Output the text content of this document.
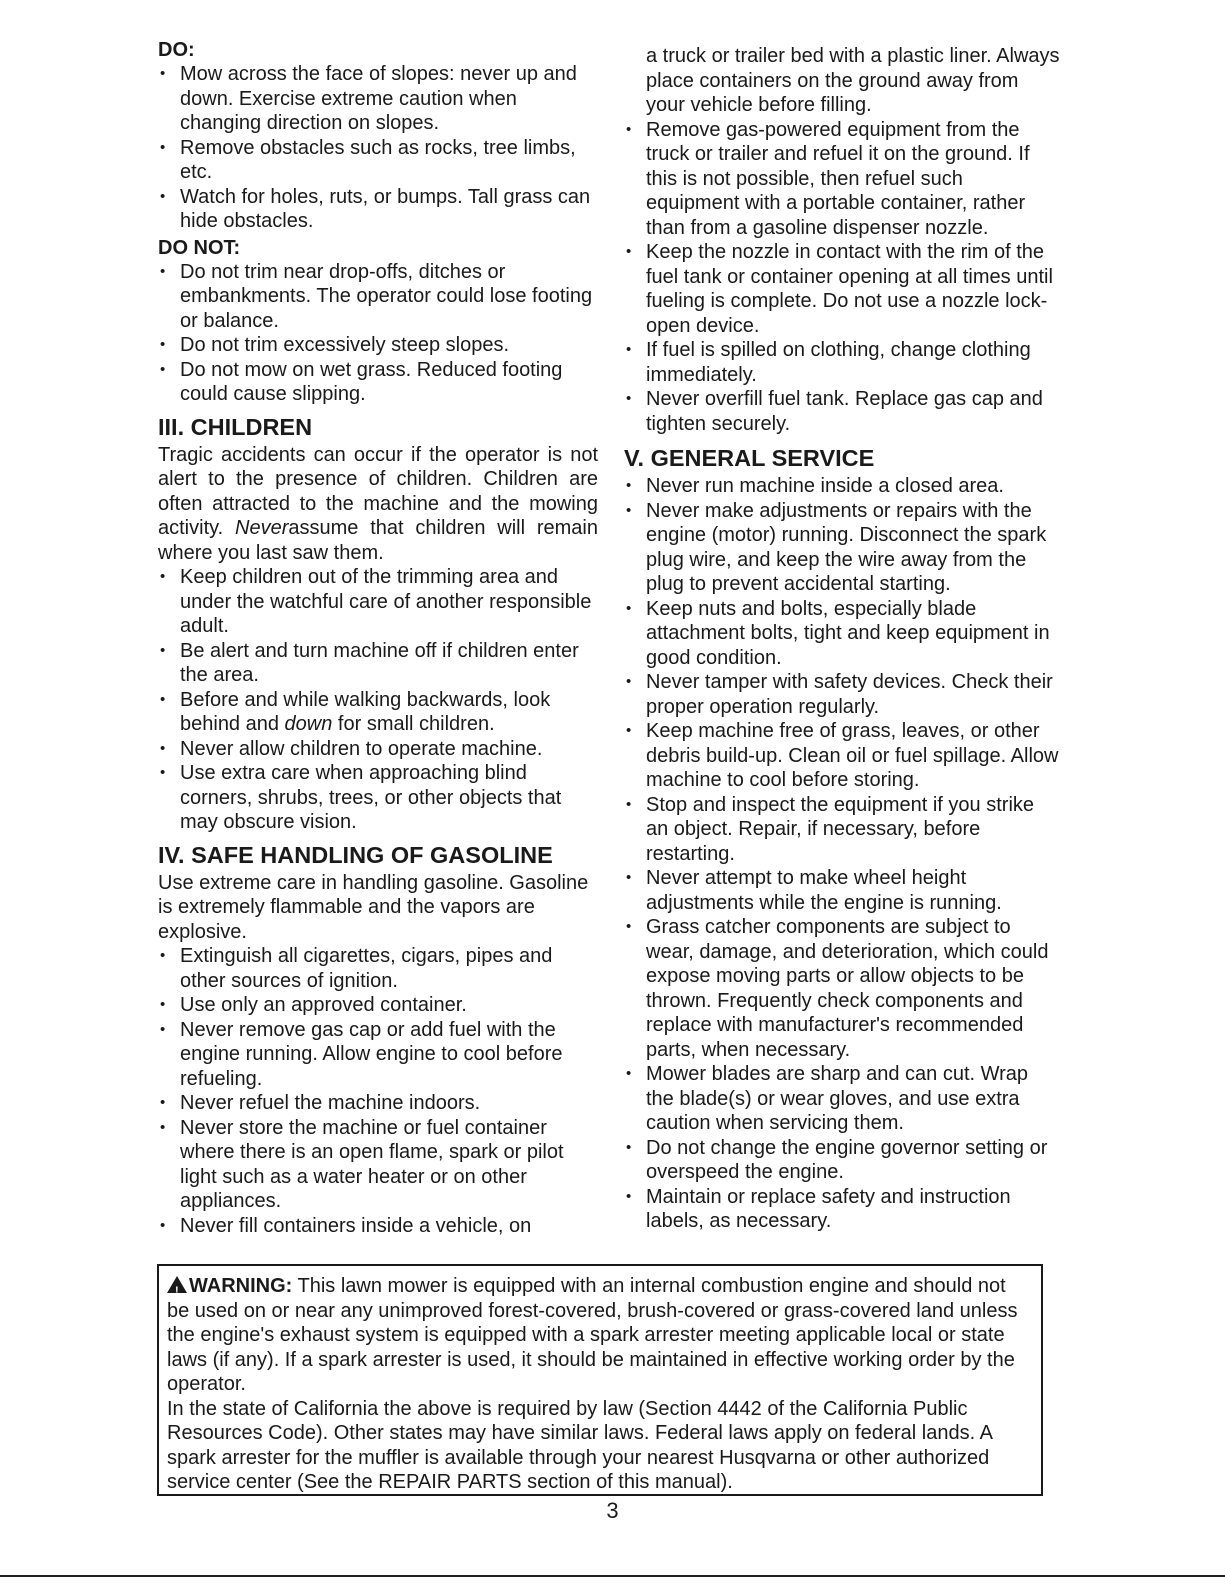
DO:

• Mow across the face of slopes: never up and down. Exercise extreme caution when changing direction on slopes.
• Remove obstacles such as rocks, tree limbs, etc.
• Watch for holes, ruts, or bumps. Tall grass can hide obstacles.

DO NOT:

• Do not trim near drop-offs, ditches or embankments. The operator could lose footing or balance.
• Do not trim excessively steep slopes.
• Do not mow on wet grass. Reduced footing could cause slipping.

III. CHILDREN

Tragic accidents can occur if the operator is not alert to the presence of children. Children are often attracted to the machine and the mowing activity. Neverassume that children will remain where you last saw them.

• Keep children out of the trimming area and under the watchful care of another responsible adult.
• Be alert and turn machine off if children enter the area.
• Before and while walking backwards, look behind and down for small children.
• Never allow children to operate machine.
• Use extra care when approaching blind corners, shrubs, trees, or other objects that may obscure vision.

IV. SAFE HANDLING OF GASOLINE

Use extreme care in handling gasoline. Gasoline is extremely flammable and the vapors are explosive.

• Extinguish all cigarettes, cigars, pipes and other sources of ignition.
• Use only an approved container.
• Never remove gas cap or add fuel with the engine running. Allow engine to cool before refueling.
• Never refuel the machine indoors.
• Never store the machine or fuel container where there is an open flame, spark or pilot light such as a water heater or on other appliances.
• Never fill containers inside a vehicle, on

a truck or trailer bed with a plastic liner. Always place containers on the ground away from your vehicle before filling.

• Remove gas-powered equipment from the truck or trailer and refuel it on the ground. If this is not possible, then refuel such equipment with a portable container, rather than from a gasoline dispenser nozzle.
• Keep the nozzle in contact with the rim of the fuel tank or container opening at all times until fueling is complete. Do not use a nozzle lock-open device.
• If fuel is spilled on clothing, change clothing immediately.
• Never overfill fuel tank. Replace gas cap and tighten securely.

V. GENERAL SERVICE

• Never run machine inside a closed area.
• Never make adjustments or repairs with the engine (motor) running. Disconnect the spark plug wire, and keep the wire away from the plug to prevent accidental starting.
• Keep nuts and bolts, especially blade attachment bolts, tight and keep equipment in good condition.
• Never tamper with safety devices. Check their proper operation regularly.
• Keep machine free of grass, leaves, or other debris build-up. Clean oil or fuel spillage. Allow machine to cool before storing.
• Stop and inspect the equipment if you strike an object. Repair, if necessary, before restarting.
• Never attempt to make wheel height adjustments while the engine is running.
• Grass catcher components are subject to wear, damage, and deterioration, which could expose moving parts or allow objects to be thrown. Frequently check components and replace with manufacturer's recommended parts, when necessary.
• Mower blades are sharp and can cut. Wrap the blade(s) or wear gloves, and use extra caution when servicing them.
• Do not change the engine governor setting or overspeed the engine.
• Maintain or replace safety and instruction labels, as necessary.

!WARNING: This lawn mower is equipped with an internal combustion engine and should not be used on or near any unimproved forest-covered, brush-covered or grass-covered land unless the engine's exhaust system is equipped with a spark arrester meeting applicable local or state laws (if any). If a spark arrester is used, it should be maintained in effective working order by the operator.

In the state of California the above is required by law (Section 4442 of the California Public Resources Code). Other states may have similar laws. Federal laws apply on federal lands. A spark arrester for the muffler is available through your nearest Husqvarna or other authorized service center (See the REPAIR PARTS section of this manual).

3
